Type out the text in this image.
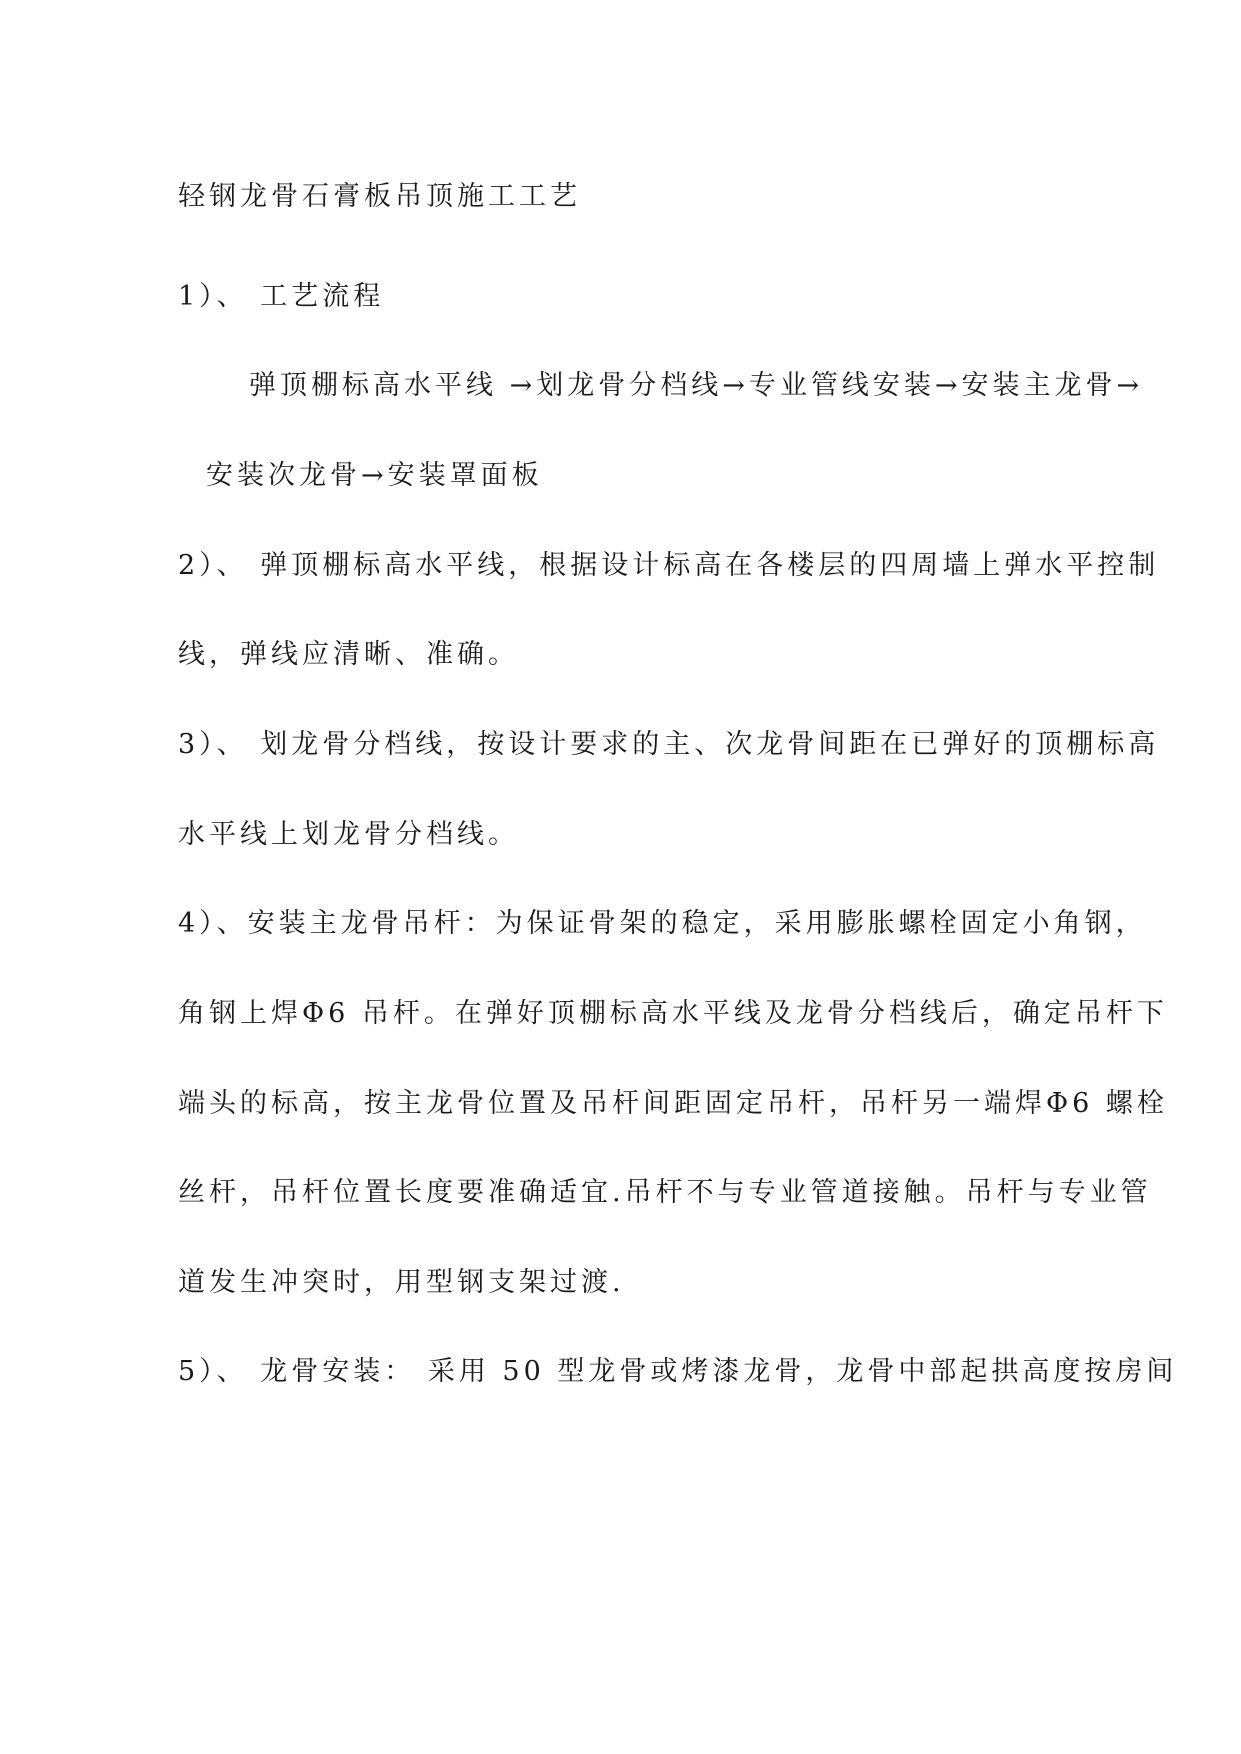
轻钢龙骨石膏板吊顶施工工艺
1）、 工艺流程
弹顶棚标高水平线 →划龙骨分档线→专业管线安装→安装主龙骨→
安装次龙骨→安装罩面板
2）、 弹顶棚标高水平线，根据设计标高在各楼层的四周墙上弹水平控制
线，弹线应清晰、准确。
3）、 划龙骨分档线，按设计要求的主、次龙骨间距在已弹好的顶棚标高
水平线上划龙骨分档线。
4）、安装主龙骨吊杆：为保证骨架的稳定，采用膨胀螺栓固定小角钢，
角钢上焊Φ6 吊杆。在弹好顶棚标高水平线及龙骨分档线后，确定吊杆下
端头的标高，按主龙骨位置及吊杆间距固定吊杆，吊杆另一端焊Φ6 螺栓
丝杆，吊杆位置长度要准确适宜.吊杆不与专业管道接触。吊杆与专业管
道发生冲突时，用型钢支架过渡.
5）、 龙骨安装： 采用 50 型龙骨或烤漆龙骨，龙骨中部起拱高度按房间
